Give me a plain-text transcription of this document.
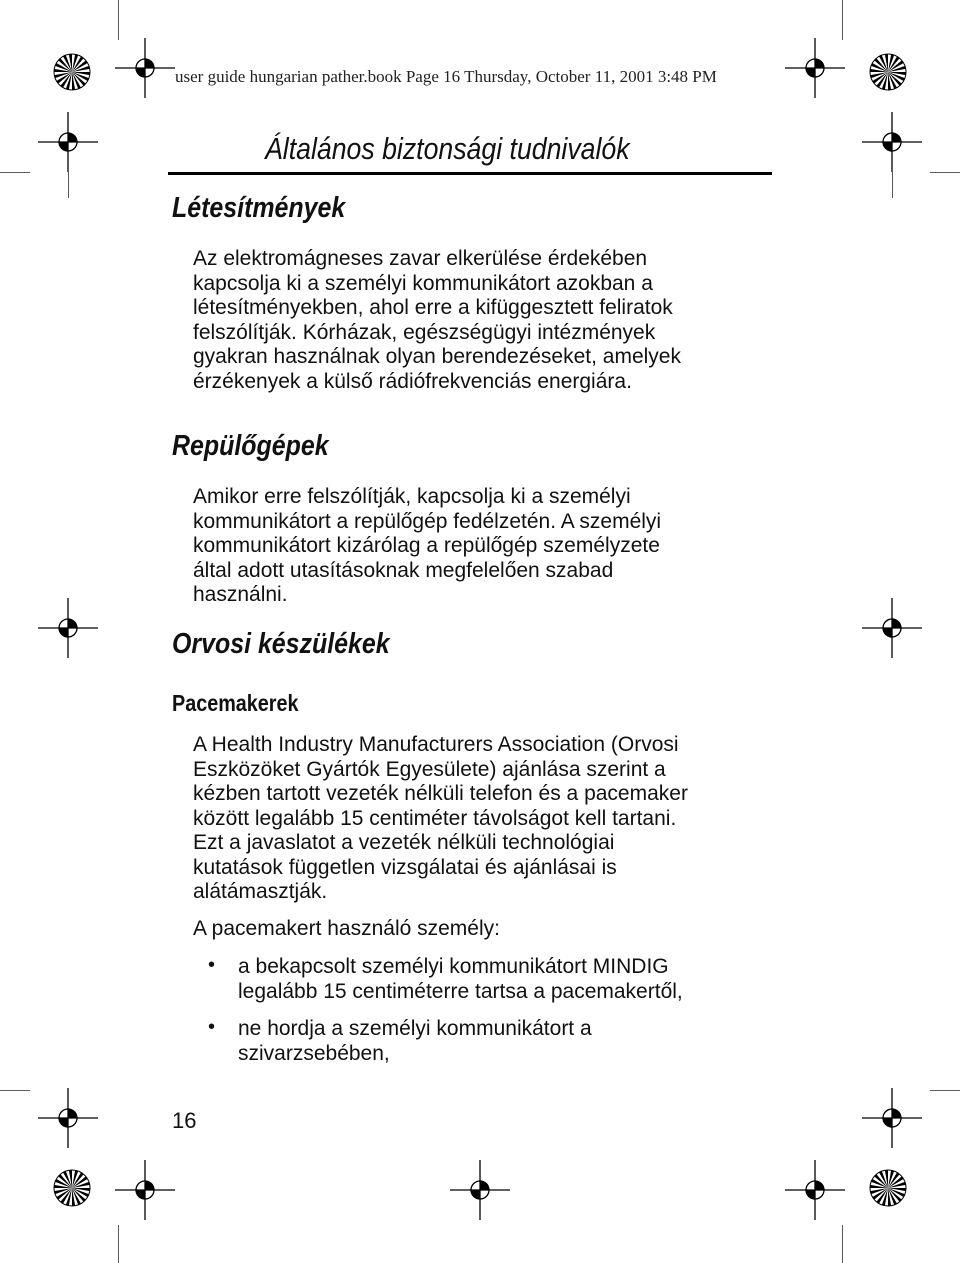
user guide hungarian pather.book Page 16 Thursday, October 11, 2001 3:48 PM
Általános biztonsági tudnivalók
Létesítmények
Az elektromágneses zavar elkerülése érdekében
kapcsolja ki a személyi kommunikátort azokban a
létesítményekben, ahol erre a kifüggesztett feliratok
felszólítják. Kórházak, egészségügyi intézmények
gyakran használnak olyan berendezéseket, amelyek
érzékenyek a külső rádiófrekvenciás energiára.
Repülőgépek
Amikor erre felszólítják, kapcsolja ki a személyi
kommunikátort a repülőgép fedélzetén. A személyi
kommunikátort kizárólag a repülőgép személyzete
által adott utasításoknak megfelelően szabad
használni.
Orvosi készülékek
Pacemakerek
A Health Industry Manufacturers Association (Orvosi
Eszközöket Gyártók Egyesülete) ajánlása szerint a
kézben tartott vezeték nélküli telefon és a pacemaker
között legalább 15 centiméter távolságot kell tartani.
Ezt a javaslatot a vezeték nélküli technológiai
kutatások független vizsgálatai és ajánlásai is
alátámasztják.
A pacemakert használó személy:
•	a bekapcsolt személyi kommunikátort MINDIG
legalább 15 centiméterre tartsa a pacemakertől,
•	ne hordja a személyi kommunikátort a
szivarzsebében,
16
